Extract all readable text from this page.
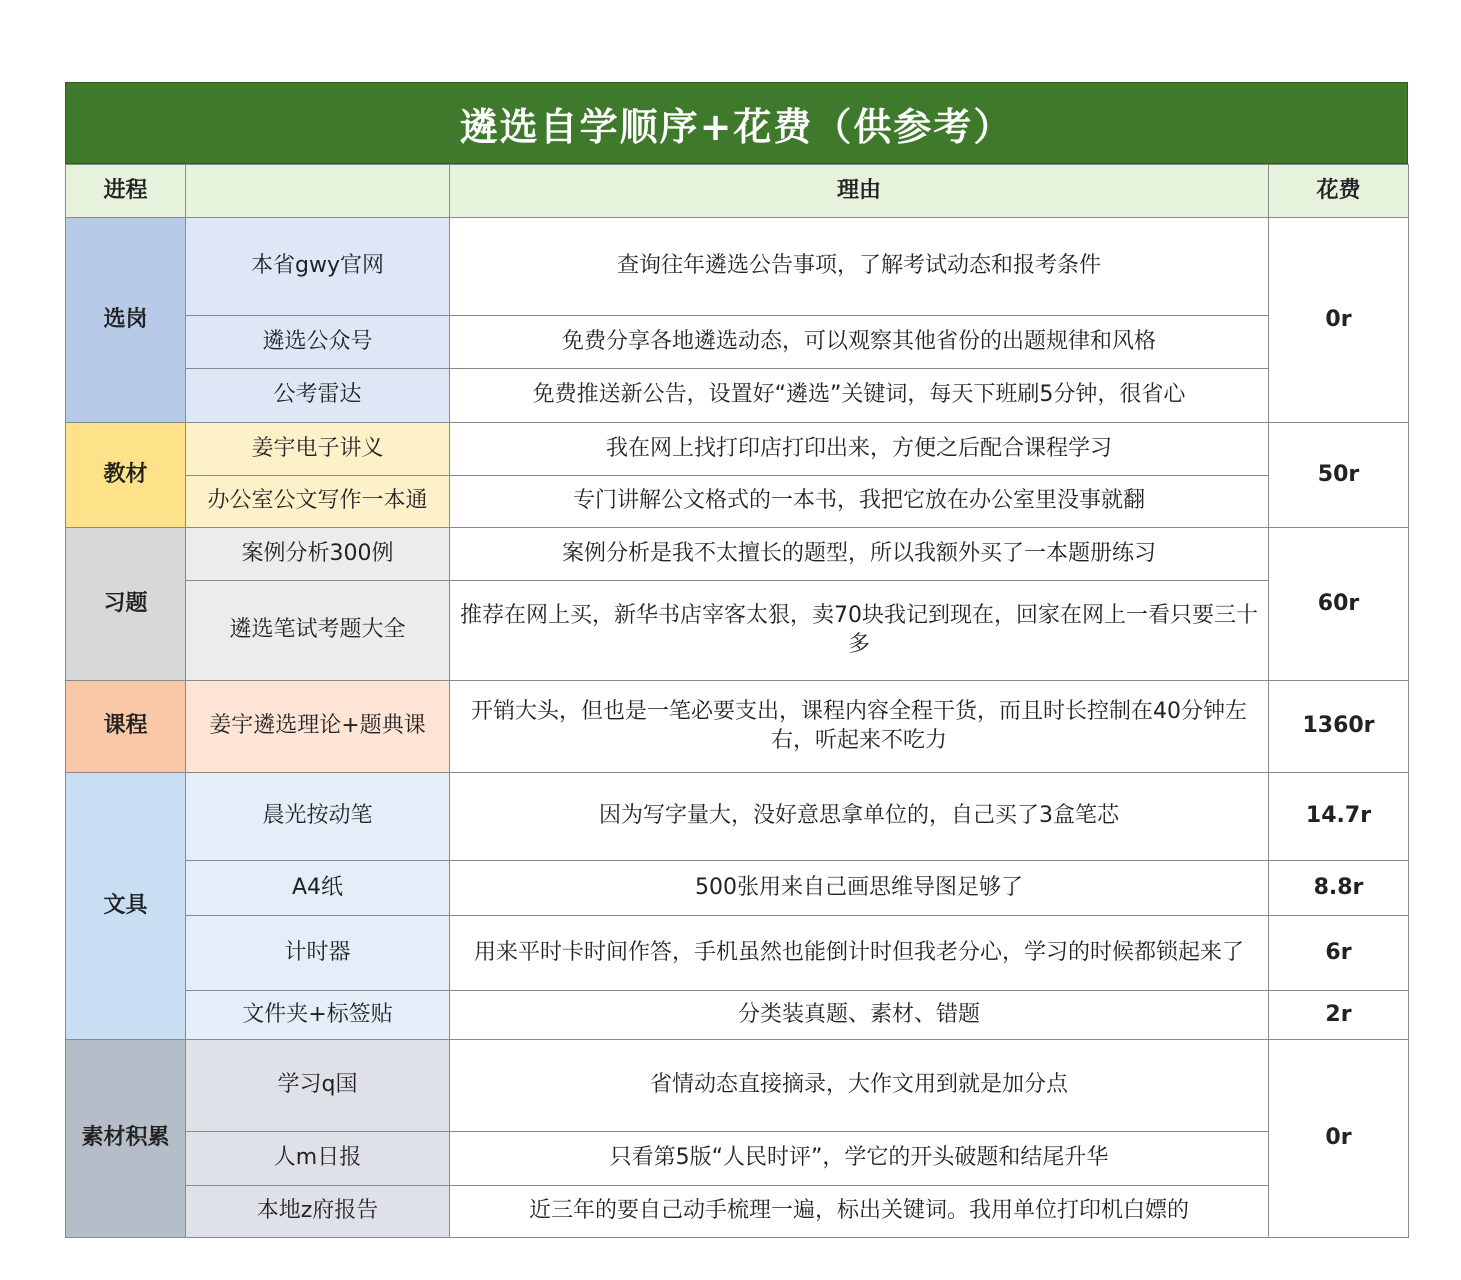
遴选自学顺序+花费（供参考）
进程		理由	花费
选岗	本省gwy官网	查询往年遴选公告事项，了解考试动态和报考条件	0r
	遴选公众号	免费分享各地遴选动态，可以观察其他省份的出题规律和风格	
	公考雷达	免费推送新公告，设置好“遴选”关键词，每天下班刷5分钟，很省心	
教材	姜宇电子讲义	我在网上找打印店打印出来，方便之后配合课程学习	50r
	办公室公文写作一本通	专门讲解公文格式的一本书，我把它放在办公室里没事就翻	
习题	案例分析300例	案例分析是我不太擅长的题型，所以我额外买了一本题册练习	60r
	遴选笔试考题大全	推荐在网上买，新华书店宰客太狠，卖70块我记到现在，回家在网上一看只要三十多	
课程	姜宇遴选理论+题典课	开销大头，但也是一笔必要支出，课程内容全程干货，而且时长控制在40分钟左右，听起来不吃力	1360r
文具	晨光按动笔	因为写字量大，没好意思拿单位的，自己买了3盒笔芯	14.7r
	A4纸	500张用来自己画思维导图足够了	8.8r
	计时器	用来平时卡时间作答，手机虽然也能倒计时但我老分心，学习的时候都锁起来了	6r
	文件夹+标签贴	分类装真题、素材、错题	2r
素材积累	学习q国	省情动态直接摘录，大作文用到就是加分点	0r
	人m日报	只看第5版“人民时评”，学它的开头破题和结尾升华	
	本地z府报告	近三年的要自己动手梳理一遍，标出关键词。我用单位打印机白嫖的	
